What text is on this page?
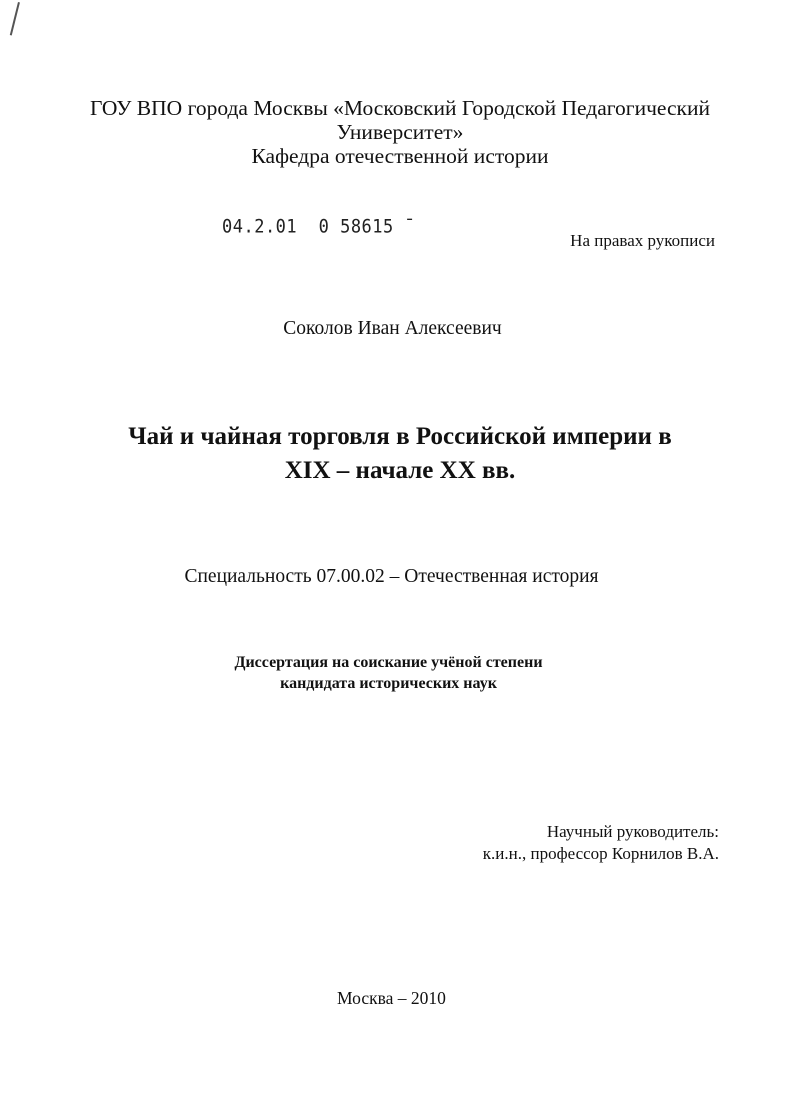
ГОУ ВПО города Москвы «Московский Городской Педагогический
Университет»
Кафедра отечественной истории
04.2.01  0 58615 ˉ
На правах рукописи
Соколов Иван Алексеевич
Чай и чайная торговля в Российской империи в
XIX – начале XX вв.
Специальность 07.00.02 – Отечественная история
Диссертация на соискание учёной степени
кандидата исторических наук
Научный руководитель:
к.и.н., профессор Корнилов В.А.
Москва – 2010
